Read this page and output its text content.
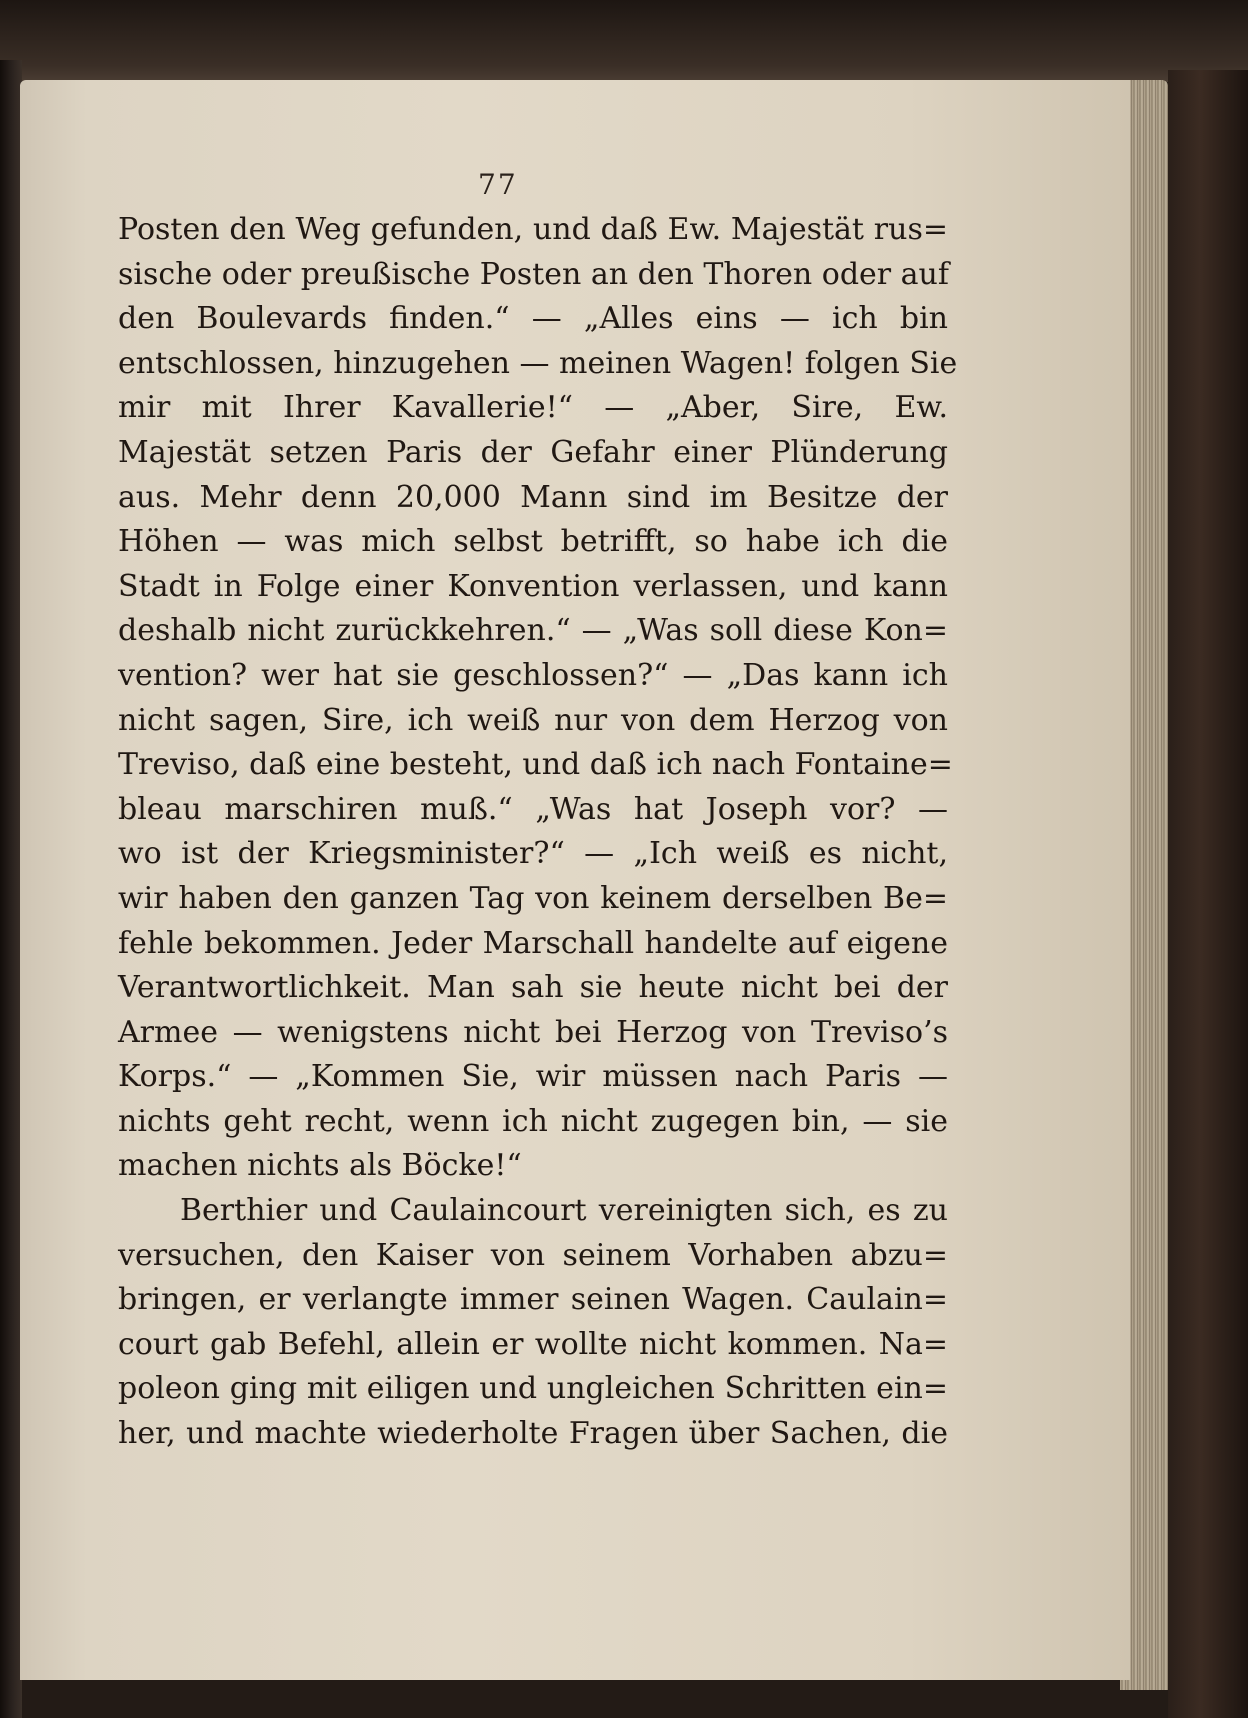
77
Posten den Weg gefunden, und daß Ew. Majestät rus=
sische oder preußische Posten an den Thoren oder auf
den Boulevards finden.“ — „Alles eins — ich bin
entschlossen, hinzugehen — meinen Wagen! folgen Sie
mir mit Ihrer Kavallerie!“ — „Aber, Sire, Ew.
Majestät setzen Paris der Gefahr einer Plünderung
aus. Mehr denn 20,000 Mann sind im Besitze der
Höhen — was mich selbst betrifft, so habe ich die
Stadt in Folge einer Konvention verlassen, und kann
deshalb nicht zurückkehren.“ — „Was soll diese Kon=
vention? wer hat sie geschlossen?“ — „Das kann ich
nicht sagen, Sire, ich weiß nur von dem Herzog von
Treviso, daß eine besteht, und daß ich nach Fontaine=
bleau marschiren muß.“ „Was hat Joseph vor? —
wo ist der Kriegsminister?“ — „Ich weiß es nicht,
wir haben den ganzen Tag von keinem derselben Be=
fehle bekommen. Jeder Marschall handelte auf eigene
Verantwortlichkeit. Man sah sie heute nicht bei der
Armee — wenigstens nicht bei Herzog von Treviso’s
Korps.“ — „Kommen Sie, wir müssen nach Paris —
nichts geht recht, wenn ich nicht zugegen bin, — sie
machen nichts als Böcke!“
Berthier und Caulaincourt vereinigten sich, es zu
versuchen, den Kaiser von seinem Vorhaben abzu=
bringen, er verlangte immer seinen Wagen. Caulain=
court gab Befehl, allein er wollte nicht kommen. Na=
poleon ging mit eiligen und ungleichen Schritten ein=
her, und machte wiederholte Fragen über Sachen, die
